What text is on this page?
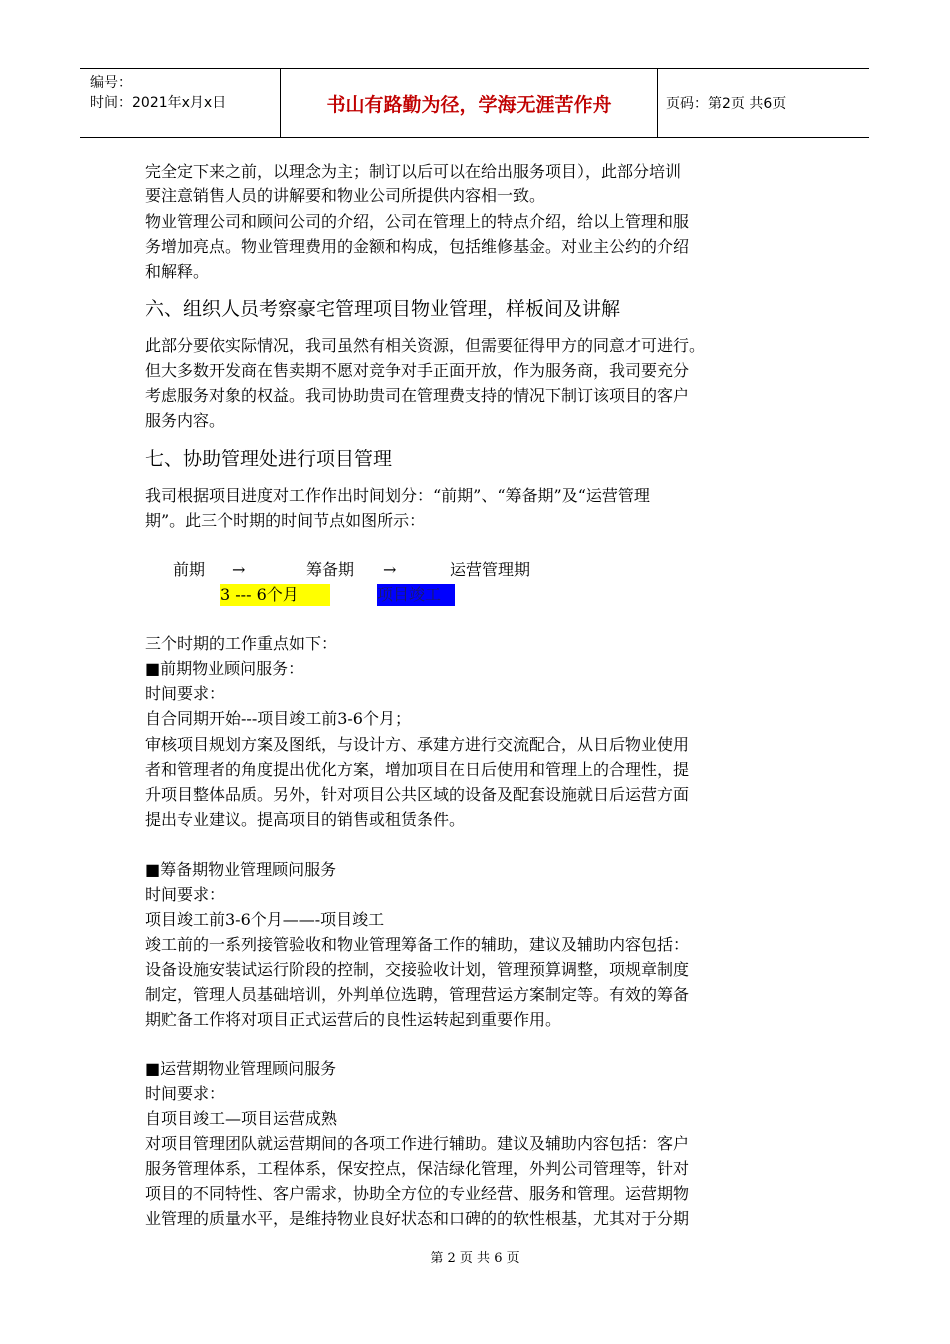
编号：
时间：2021年x月x日	书山有路勤为径，学海无涯苦作舟	页码：第2页 共6页
完全定下来之前，以理念为主；制订以后可以在给出服务项目），此部分培训
要注意销售人员的讲解要和物业公司所提供内容相一致。
物业管理公司和顾问公司的介绍，公司在管理上的特点介绍，给以上管理和服
务增加亮点。物业管理费用的金额和构成，包括维修基金。对业主公约的介绍
和解释。
六、组织人员考察豪宅管理项目物业管理，样板间及讲解
此部分要依实际情况，我司虽然有相关资源，但需要征得甲方的同意才可进行。
但大多数开发商在售卖期不愿对竞争对手正面开放，作为服务商，我司要充分
考虑服务对象的权益。我司协助贵司在管理费支持的情况下制订该项目的客户
服务内容。
七、协助管理处进行项目管理
我司根据项目进度对工作作出时间划分：“前期”、“筹备期”及“运营管理
期”。此三个时期的时间节点如图所示：
前期 →	筹备期 →	运营管理期
3 --- 6个月	项目竣工
三个时期的工作重点如下：
■前期物业顾问服务：
时间要求：
自合同期开始---项目竣工前3-6个月；
审核项目规划方案及图纸，与设计方、承建方进行交流配合，从日后物业使用
者和管理者的角度提出优化方案，增加项目在日后使用和管理上的合理性，提
升项目整体品质。另外，针对项目公共区域的设备及配套设施就日后运营方面
提出专业建议。提高项目的销售或租赁条件。
■筹备期物业管理顾问服务
时间要求：
项目竣工前3-6个月——-项目竣工
竣工前的一系列接管验收和物业管理筹备工作的辅助，建议及辅助内容包括：
设备设施安装试运行阶段的控制，交接验收计划，管理预算调整，项规章制度
制定，管理人员基础培训，外判单位选聘，管理营运方案制定等。有效的筹备
期贮备工作将对项目正式运营后的良性运转起到重要作用。
■运营期物业管理顾问服务
时间要求：
自项目竣工—项目运营成熟
对项目管理团队就运营期间的各项工作进行辅助。建议及辅助内容包括：客户
服务管理体系，工程体系，保安控点，保洁绿化管理，外判公司管理等，针对
项目的不同特性、客户需求，协助全方位的专业经营、服务和管理。运营期物
业管理的质量水平，是维持物业良好状态和口碑的的软性根基，尤其对于分期
第 2 页 共 6 页
